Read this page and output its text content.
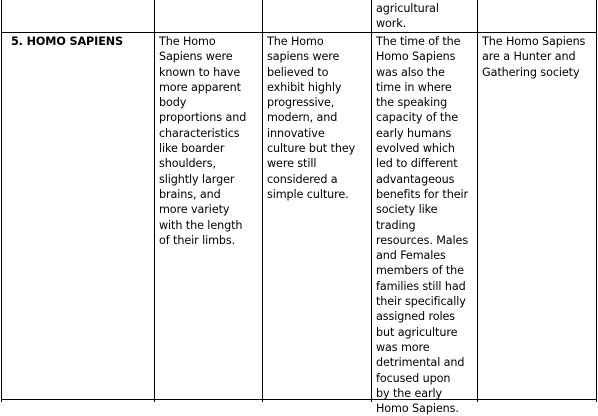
agricultural
work.
5. HOMO SAPIENS	The Homo
Sapiens were
known to have
more apparent
body
proportions and
characteristics
like boarder
shoulders,
slightly larger
brains, and
more variety
with the length
of their limbs.
The Homo
sapiens were
believed to
exhibit highly
progressive,
modern, and
innovative
culture but they
were still
considered a
simple culture.
The time of the
Homo Sapiens
was also the
time in where
the speaking
capacity of the
early humans
evolved which
led to different
advantageous
benefits for their
society like
trading
resources. Males
and Females
members of the
families still had
their specifically
assigned roles
but agriculture
was more
detrimental and
focused upon
by the early
Homo Sapiens.
The Homo Sapiens
are a Hunter and
Gathering society
